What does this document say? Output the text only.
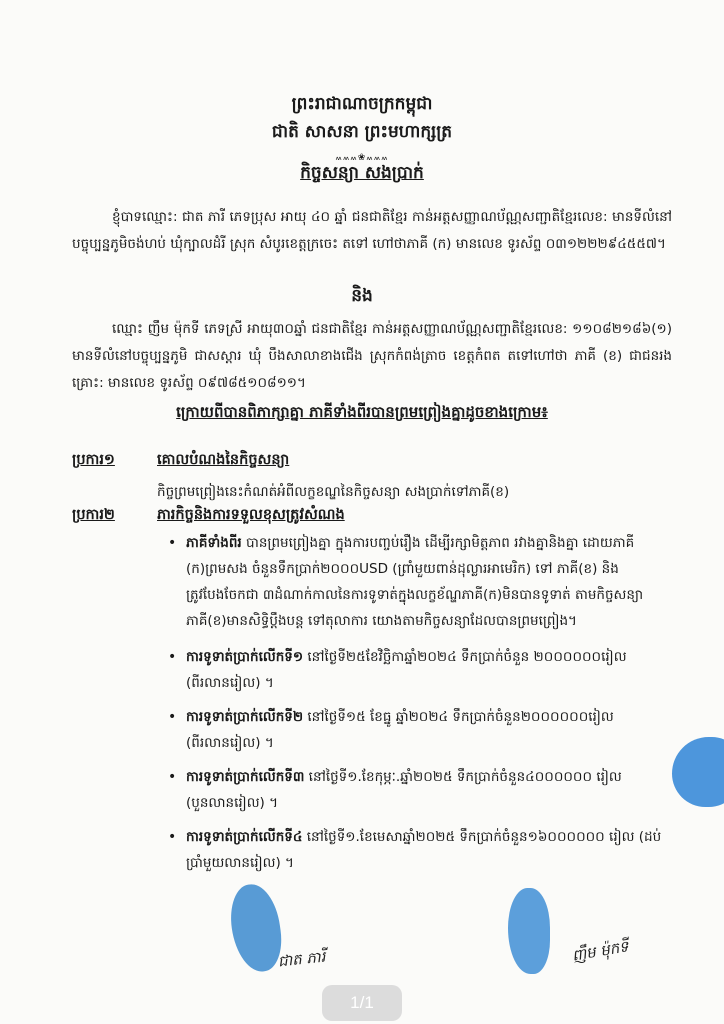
ព្រះរាជាណាចក្រកម្ពុជា
ជាតិ សាសនា ព្រះមហាក្សត្រ
៳៳៳❀៳៳៳
កិច្ចសន្យា សងប្រាក់
ខ្ញុំបាទឈ្មោះ: ជាត ភារី ភេទប្រុស អាយុ ៤០ ឆ្នាំ ជនជាតិខ្មែរ កាន់អត្តសញ្ញាណប័ណ្ណសញ្ជាតិខ្មែរលេខ: មានទីលំនៅបច្ចុប្បន្នភូមិចង់ហប់ ឃុំក្បាលដំរី ស្រុក សំបូរខេត្តក្រចេះ តទៅ ហៅថាភាគី (ក) មានលេខ ទូរស័ព្ទ ០៣១២២២៩៤៥៥៧។
និង
ឈ្មោះ ញឹម ម៉ុកទី ភេទស្រី អាយុ៣០ឆ្នាំ ជនជាតិខ្មែរ កាន់អត្តសញ្ញាណប័ណ្ណសញ្ជាតិខ្មែរលេខ: ១១០៨២១៨៦(១) មានទីលំនៅបច្ចុប្បន្នភូមិ ជាសស្ដារ ឃុំ បឹងសាលាខាងជើង ស្រុកកំពង់ត្រាច ខេត្តកំពត តទៅហៅថា ភាគី (ខ) ជាជនរងគ្រោះ: មានលេខ ទូរស័ព្ទ ០៩៧៨៥១០៨១១។
ក្រោយពីបានពិភាក្សាគ្នា ភាគីទាំងពីរបានព្រមព្រៀងគ្នាដូចខាងក្រោម៖
ប្រការ១	គោលបំណងនៃកិច្ចសន្យា
កិច្ចព្រមព្រៀងនេះកំណត់អំពីលក្ខខណ្ឌនៃកិច្ចសន្យា សងប្រាក់ទៅភាគី(ខ)
ប្រការ២	ភារកិច្ចនិងការទទួលខុសត្រូវសំណង
• ភាគីទាំងពីរ បានព្រមព្រៀងគ្នា ក្នុងការបញ្ចប់រឿង ដើម្បីរក្សាមិត្តភាព រវាងគ្នានិងគ្នា ដោយភាគី (ក)ព្រមសង ចំនួនទឹកប្រាក់២០០០USD (ព្រាំមួយពាន់ដុល្លារអាមេរិក) ទៅ ភាគី(ខ) និងត្រូវបែងចែកជា ៣ដំណាក់កាលនៃការទូទាត់ក្នុងលក្ខខ័ណ្ឌភាគី(ក)មិនបានទូទាត់ តាមកិច្ចសន្យា ភាគី(ខ)មានសិទ្ធិប្ដឹងបន្ត ទៅតុលាការ យោងតាមកិច្ចសន្យាដែលបានព្រមព្រៀង។
• ការទូទាត់ប្រាក់លើកទី១ នៅថ្ងៃទី២៥ខែវិច្ឆិកាឆ្នាំ២០២៤ ទឹកប្រាក់ចំនួន ២០០០០០០រៀល (ពីរលានរៀល) ។
• ការទូទាត់ប្រាក់លើកទី២ នៅថ្ងៃទី១៥ ខែធ្នូ ឆ្នាំ២០២៤ ទឹកប្រាក់ចំនួន២០០០០០០រៀល (ពីរលានរៀល) ។
• ការទូទាត់ប្រាក់លើកទី៣ នៅថ្ងៃទី១.ខែកុម្ភៈ.ឆ្នាំ២០២៥ ទឹកប្រាក់ចំនួន៤០០០០០០ រៀល (បួនលានរៀល) ។
• ការទូទាត់ប្រាក់លើកទី៤ នៅថ្ងៃទី១.ខែមេសាឆ្នាំ២០២៥ ទឹកប្រាក់ចំនួន១៦០០០០០០ រៀល (ដប់ប្រាំមួយលានរៀល) ។
ជាត ភារី	ញឹម ម៉ុកទី
1/1
